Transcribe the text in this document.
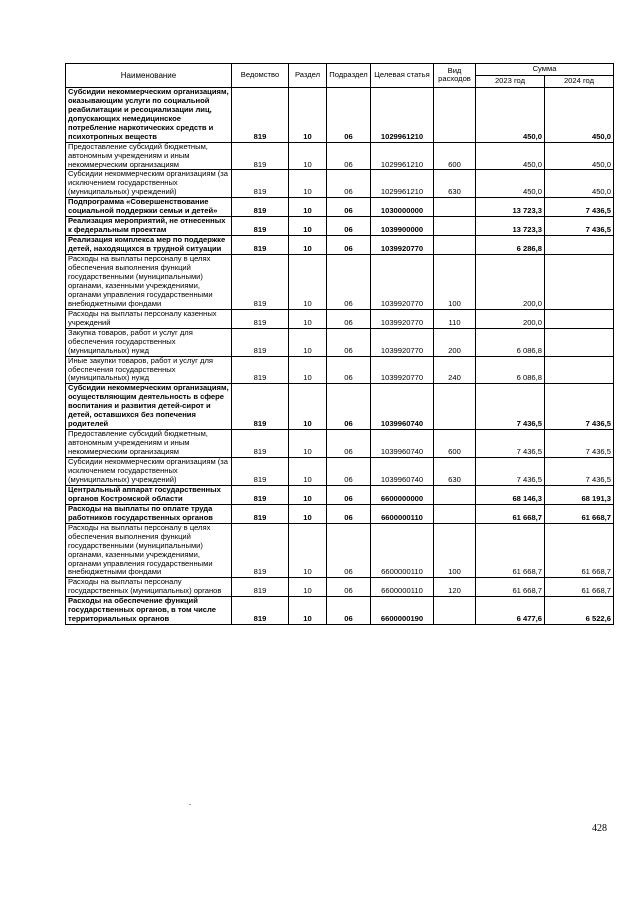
Наименование	Ведомство	Раздел	Подраздел	Целевая статья	Вид расходов	Сумма	
						2023 год	2024 год
Субсидии некоммерческим организациям, оказывающим услуги по социальной реабилитации и ресоциализации лиц, допускающих немедицинское потребление наркотических средств и психотропных веществ	819	10	06	1029961210		450,0	450,0
Предоставление субсидий бюджетным, автономным учреждениям и иным некоммерческим организациям	819	10	06	1029961210	600	450,0	450,0
Субсидии некоммерческим организациям (за исключением государственных (муниципальных) учреждений)	819	10	06	1029961210	630	450,0	450,0
Подпрограмма «Совершенствование социальной поддержки семьи и детей»	819	10	06	1030000000		13 723,3	7 436,5
Реализация мероприятий, не отнесенных к федеральным проектам	819	10	06	1039900000		13 723,3	7 436,5
Реализация комплекса мер по поддержке детей, находящихся в трудной ситуации	819	10	06	1039920770		6 286,8	
Расходы на выплаты персоналу в целях обеспечения выполнения функций государственными (муниципальными) органами, казенными учреждениями, органами управления государственными внебюджетными фондами	819	10	06	1039920770	100	200,0	
Расходы на выплаты персоналу казенных учреждений	819	10	06	1039920770	110	200,0	
Закупка товаров, работ и услуг для обеспечения государственных (муниципальных) нужд	819	10	06	1039920770	200	6 086,8	
Иные закупки товаров, работ и услуг для обеспечения государственных (муниципальных) нужд	819	10	06	1039920770	240	6 086,8	
Субсидии некоммерческим организациям, осуществляющим деятельность в сфере воспитания и развития детей-сирот и детей, оставшихся без попечения родителей	819	10	06	1039960740		7 436,5	7 436,5
Предоставление субсидий бюджетным, автономным учреждениям и иным некоммерческим организациям	819	10	06	1039960740	600	7 436,5	7 436,5
Субсидии некоммерческим организациям (за исключением государственных (муниципальных) учреждений)	819	10	06	1039960740	630	7 436,5	7 436,5
Центральный аппарат государственных органов Костромской области	819	10	06	6600000000		68 146,3	68 191,3
Расходы на выплаты по оплате труда работников государственных органов	819	10	06	6600000110		61 668,7	61 668,7
Расходы на выплаты персоналу в целях обеспечения выполнения функций государственными (муниципальными) органами, казенными учреждениями, органами управления государственными внебюджетными фондами	819	10	06	6600000110	100	61 668,7	61 668,7
Расходы на выплаты персоналу государственных (муниципальных) органов	819	10	06	6600000110	120	61 668,7	61 668,7
Расходы на обеспечение функций государственных органов, в том числе территориальных органов	819	10	06	6600000190		6 477,6	6 522,6
-
428
